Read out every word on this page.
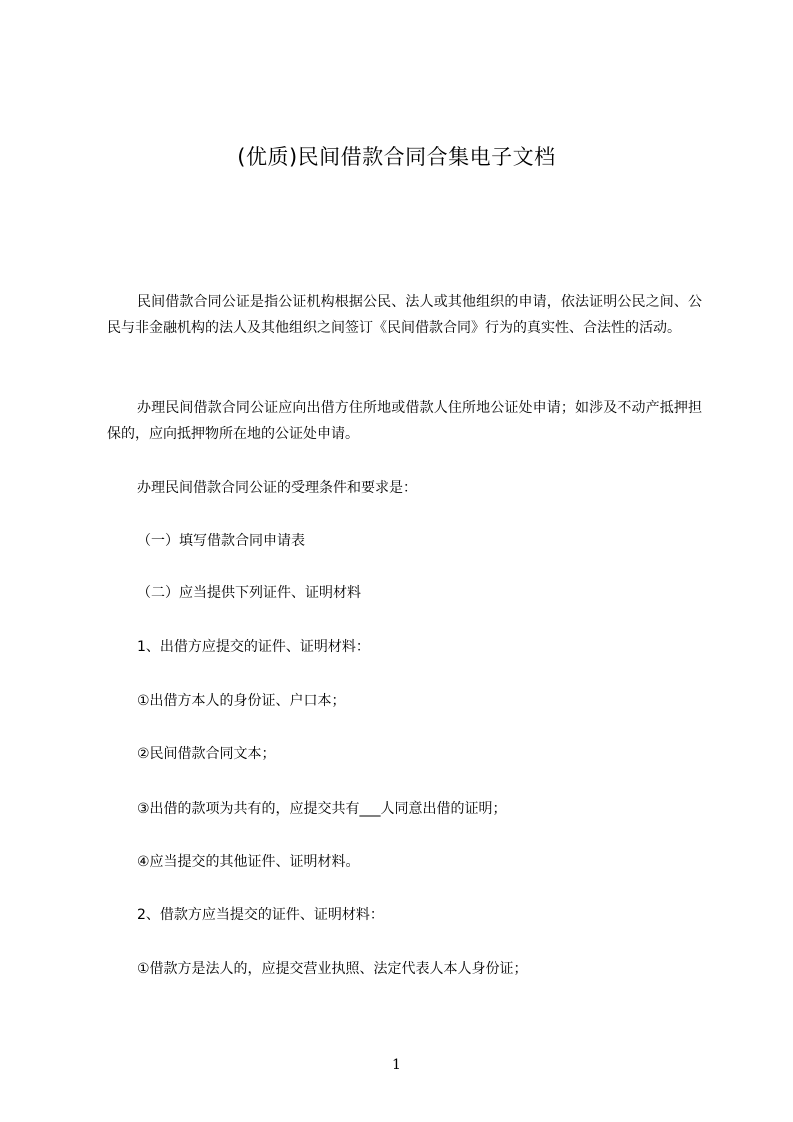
(优质)民间借款合同合集电子文档

民间借款合同公证是指公证机构根据公民、法人或其他组织的申请，依法证明公民之间、公民与非金融机构的法人及其他组织之间签订《民间借款合同》行为的真实性、合法性的活动。

办理民间借款合同公证应向出借方住所地或借款人住所地公证处申请；如涉及不动产抵押担保的，应向抵押物所在地的公证处申请。

办理民间借款合同公证的受理条件和要求是：

（一）填写借款合同申请表

（二）应当提供下列证件、证明材料

1、出借方应提交的证件、证明材料：

①出借方本人的身份证、户口本；

②民间借款合同文本；

③出借的款项为共有的，应提交共有___人同意出借的证明；

④应当提交的其他证件、证明材料。

2、借款方应当提交的证件、证明材料：

①借款方是法人的，应提交营业执照、法定代表人本人身份证；

1
